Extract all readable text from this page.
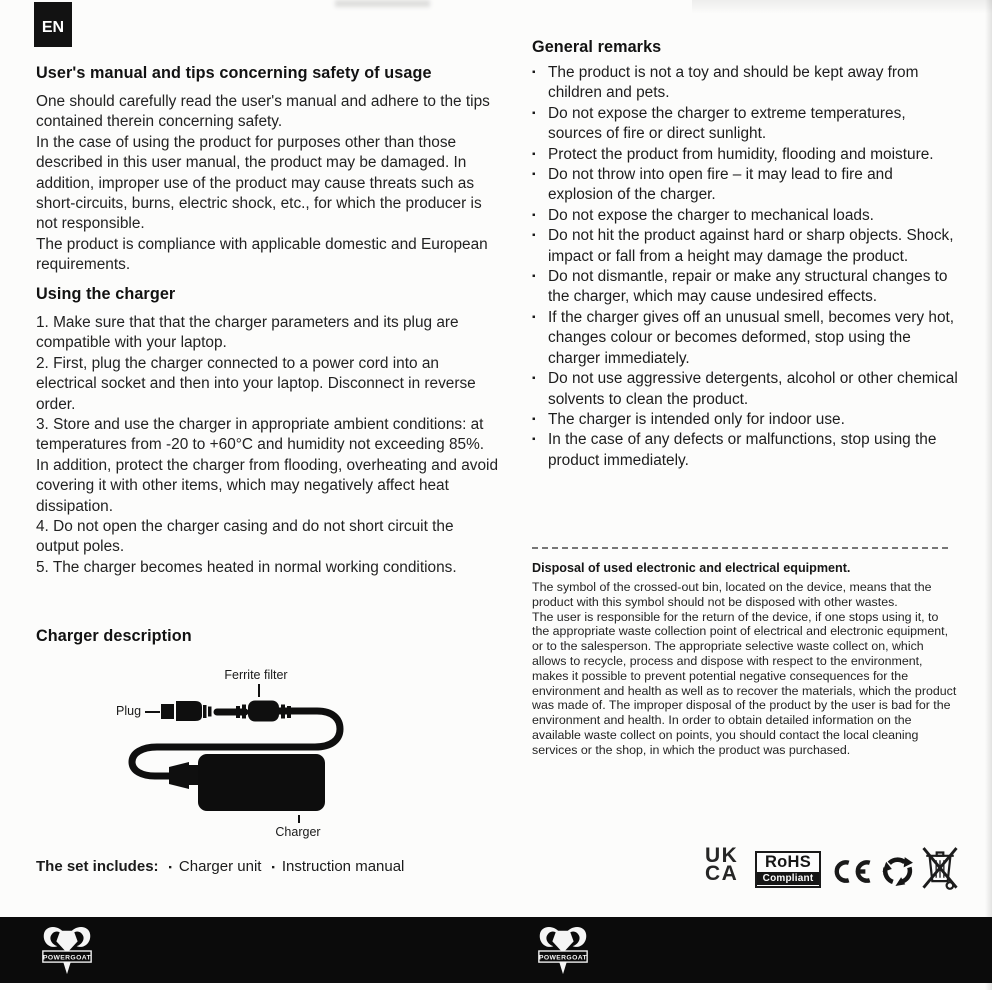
EN
User's manual and tips concerning safety of usage

One should carefully read the user's manual and adhere to the tips contained therein concerning safety.

In the case of using the product for purposes other than those described in this user manual, the product may be damaged. In addition, improper use of the product may cause threats such as short-circuits, burns, electric shock, etc., for which the producer is not responsible.

The product is compliance with applicable domestic and European requirements.

Using the charger
1. Make sure that that the charger parameters and its plug are compatible with your laptop.
2. First, plug the charger connected to a power cord into an electrical socket and then into your laptop. Disconnect in reverse order.
3. Store and use the charger in appropriate ambient conditions: at temperatures from -20 to +60°C and humidity not exceeding 85%. In addition, protect the charger from flooding, overheating and avoid covering it with other items, which may negatively affect heat dissipation.
4. Do not open the charger casing and do not short circuit the output poles.
5. The charger becomes heated in normal working conditions.
Charger description
Ferrite filter
Plug
Charger
The set includes: ▪ Charger unit ▪ Instruction manual
General remarks
▪ The product is not a toy and should be kept away from children and pets.
▪ Do not expose the charger to extreme temperatures, sources of fire or direct sunlight.
▪ Protect the product from humidity, flooding and moisture.
▪ Do not throw into open fire – it may lead to fire and explosion of the charger.
▪ Do not expose the charger to mechanical loads.
▪ Do not hit the product against hard or sharp objects. Shock, impact or fall from a height may damage the product.
▪ Do not dismantle, repair or make any structural changes to the charger, which may cause undesired effects.
▪ If the charger gives off an unusual smell, becomes very hot, changes colour or becomes deformed, stop using the charger immediately.
▪ Do not use aggressive detergents, alcohol or other chemical solvents to clean the product.
▪ The charger is intended only for indoor use.
▪ In the case of any defects or malfunctions, stop using the product immediately.
Disposal of used electronic and electrical equipment.

The symbol of the crossed-out bin, located on the device, means that the product with this symbol should not be disposed with other wastes.

The user is responsible for the return of the device, if one stops using it, to the appropriate waste collection point of electrical and electronic equipment, or to the salesperson. The appropriate selective waste collect on, which allows to recycle, process and dispose with respect to the environment, makes it possible to prevent potential negative consequences for the environment and health as well as to recover the materials, which the product was made of. The improper disposal of the product by the user is bad for the environment and health. In order to obtain detailed information on the available waste collect on points, you should contact the local cleaning services or the shop, in which the product was purchased.

UK
CA	RoHS
Compliant
POWERGOAT	POWERGOAT
